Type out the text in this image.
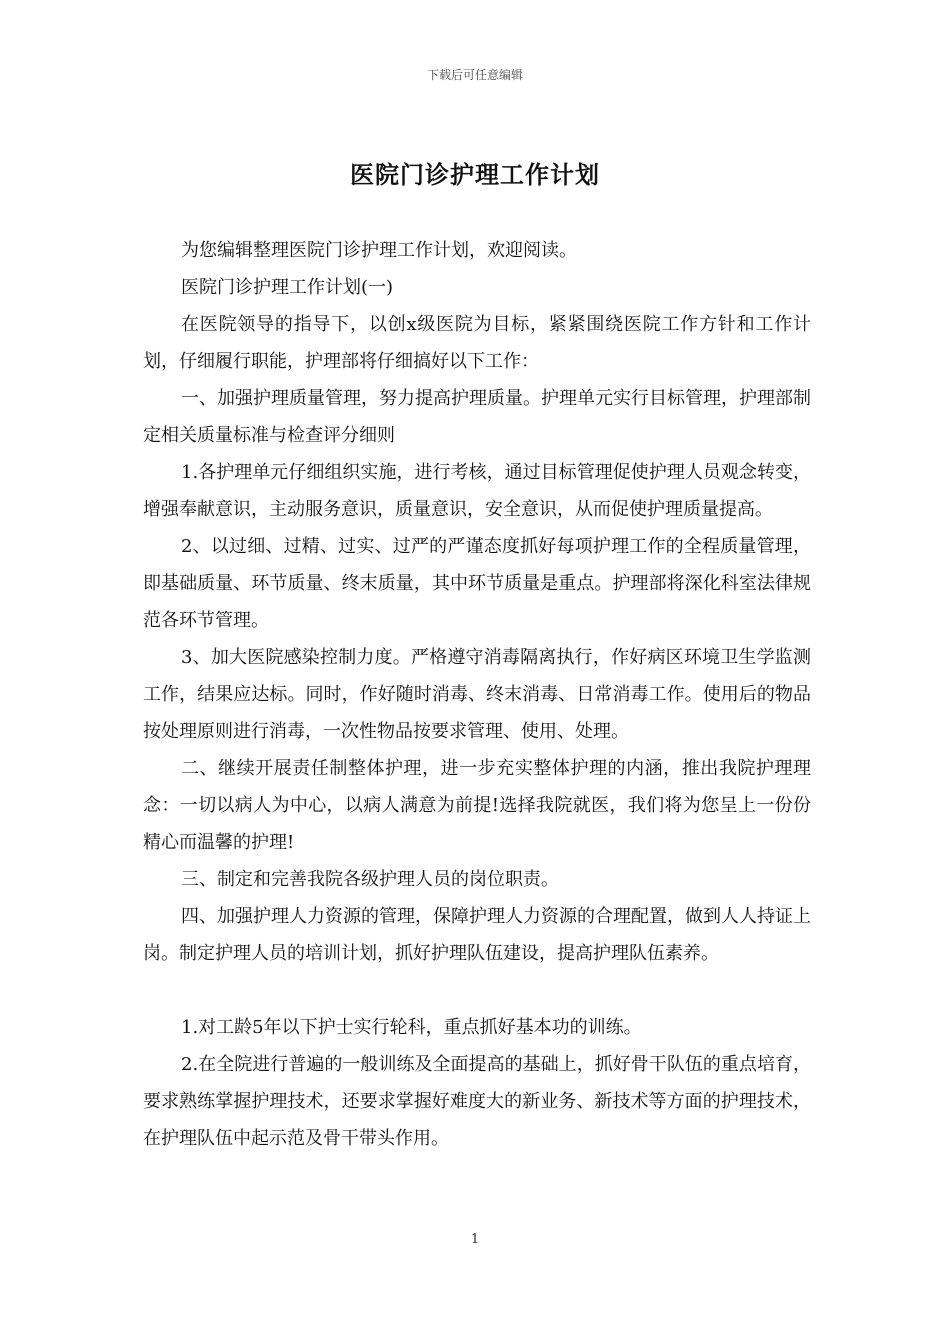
下载后可任意编辑
医院门诊护理工作计划

为您编辑整理医院门诊护理工作计划，欢迎阅读。

医院门诊护理工作计划(一)

在医院领导的指导下，以创x级医院为目标，紧紧围绕医院工作方针和工作计划，仔细履行职能，护理部将仔细搞好以下工作：

一、加强护理质量管理，努力提高护理质量。护理单元实行目标管理，护理部制定相关质量标准与检查评分细则

1.各护理单元仔细组织实施，进行考核，通过目标管理促使护理人员观念转变，增强奉献意识，主动服务意识，质量意识，安全意识，从而促使护理质量提高。

2、以过细、过精、过实、过严的严谨态度抓好每项护理工作的全程质量管理，即基础质量、环节质量、终末质量，其中环节质量是重点。护理部将深化科室法律规范各环节管理。

3、加大医院感染控制力度。严格遵守消毒隔离执行，作好病区环境卫生学监测工作，结果应达标。同时，作好随时消毒、终末消毒、日常消毒工作。使用后的物品按处理原则进行消毒，一次性物品按要求管理、使用、处理。

二、继续开展责任制整体护理，进一步充实整体护理的内涵，推出我院护理理念：一切以病人为中心，以病人满意为前提!选择我院就医，我们将为您呈上一份份精心而温馨的护理!

三、制定和完善我院各级护理人员的岗位职责。

四、加强护理人力资源的管理，保障护理人力资源的合理配置，做到人人持证上岗。制定护理人员的培训计划，抓好护理队伍建设，提高护理队伍素养。

1.对工龄5年以下护士实行轮科，重点抓好基本功的训练。

2.在全院进行普遍的一般训练及全面提高的基础上，抓好骨干队伍的重点培育，要求熟练掌握护理技术，还要求掌握好难度大的新业务、新技术等方面的护理技术，在护理队伍中起示范及骨干带头作用。

1
